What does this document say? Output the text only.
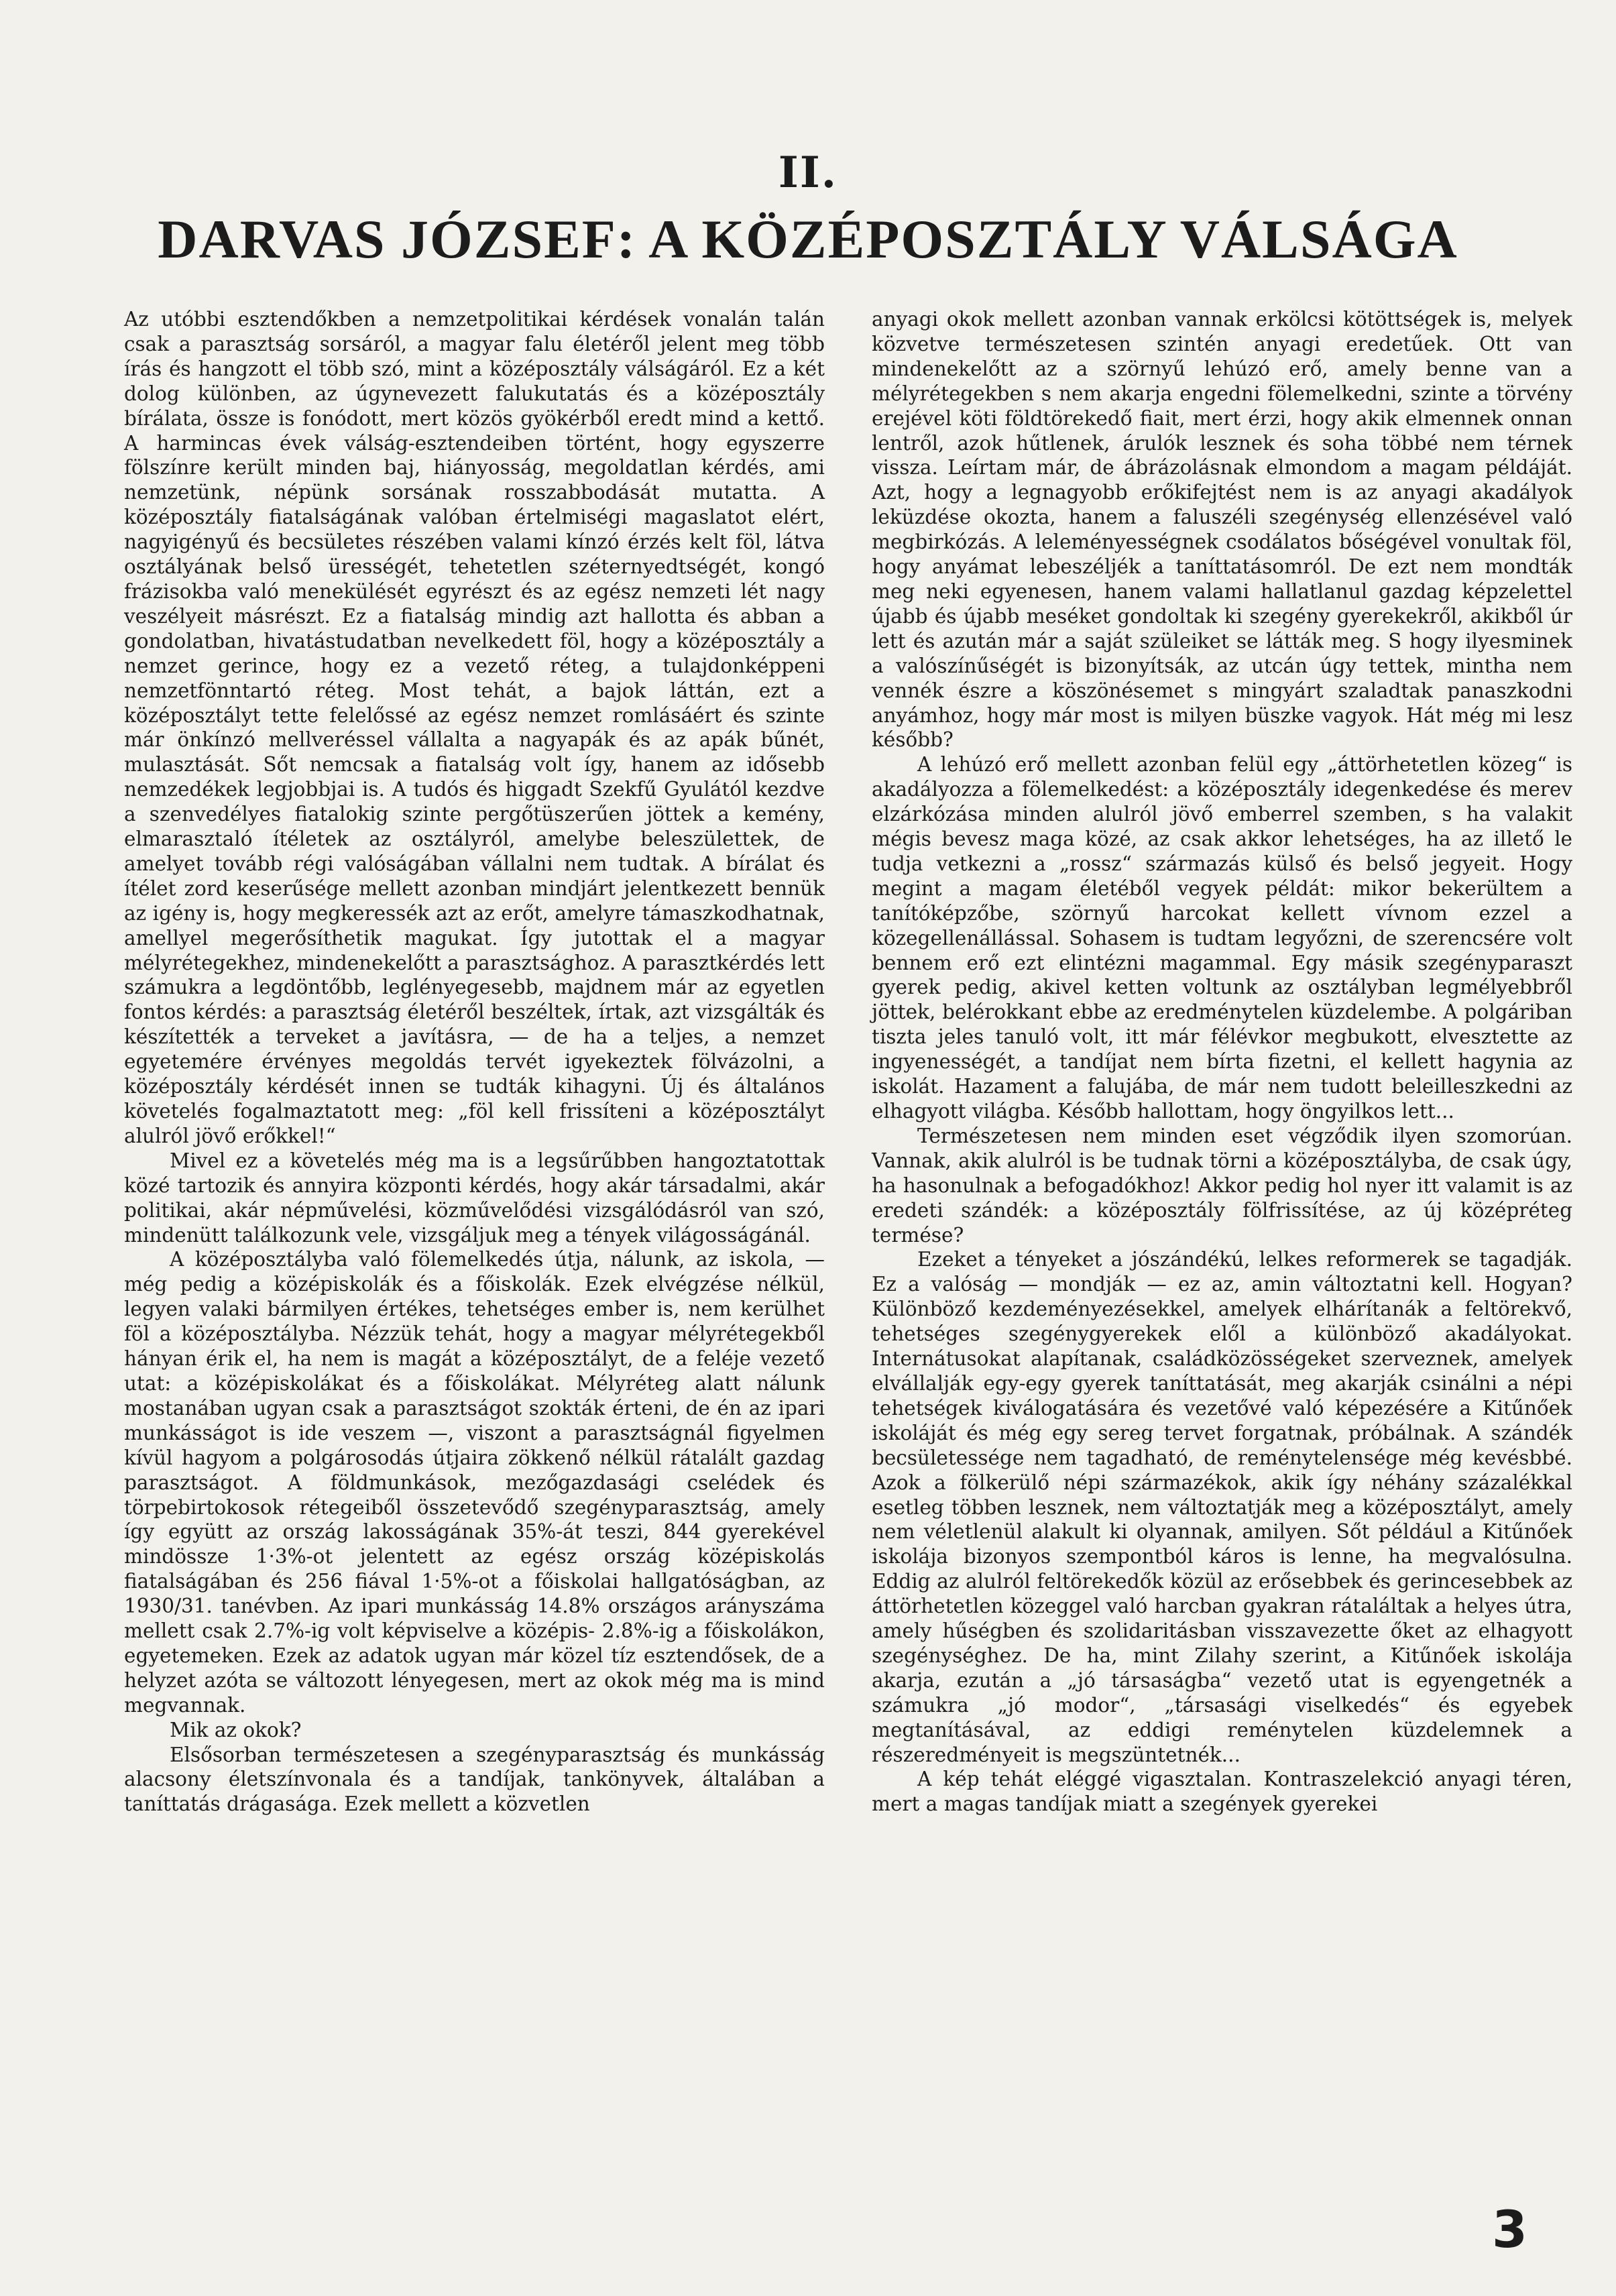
II.
DARVAS JÓZSEF: A KÖZÉPOSZTÁLY VÁLSÁGA

Az utóbbi esztendőkben a nemzetpolitikai kérdések vonalán talán csak a parasztság sorsáról, a magyar falu életéről jelent meg több írás és hangzott el több szó, mint a középosztály válságáról. Ez a két dolog különben, az úgynevezett falukutatás és a középosztály bírálata, össze is fonódott, mert közös gyökérből eredt mind a kettő. A harmincas évek válság-esztendeiben történt, hogy egyszerre fölszínre került minden baj, hiányosság, megoldatlan kérdés, ami nemzetünk, népünk sorsának rosszabbodását mutatta. A középosztály fiatalságának valóban értelmiségi magaslatot elért, nagyigényű és becsületes részében valami kínzó érzés kelt föl, látva osztályának belső ürességét, tehetetlen széternyedtségét, kongó frázisokba való menekülését egyrészt és az egész nemzeti lét nagy veszélyeit másrészt. Ez a fiatalság mindig azt hallotta és abban a gondolatban, hivatástudatban nevelkedett föl, hogy a középosztály a nemzet gerince, hogy ez a vezető réteg, a tulajdonképpeni nemzetfönntartó réteg. Most tehát, a bajok láttán, ezt a középosztályt tette felelőssé az egész nemzet romlásáért és szinte már önkínzó mellveréssel vállalta a nagyapák és az apák bűnét, mulasztását. Sőt nemcsak a fiatalság volt így, hanem az idősebb nemzedékek legjobbjai is. A tudós és higgadt Szekfű Gyulától kezdve a szenvedélyes fiatalokig szinte pergőtüszerűen jöttek a kemény, elmarasztaló ítéletek az osztályról, amelybe beleszülettek, de amelyet tovább régi valóságában vállalni nem tudtak. A bírálat és ítélet zord keserűsége mellett azonban mindjárt jelentkezett bennük az igény is, hogy megkeressék azt az erőt, amelyre támaszkodhatnak, amellyel megerősíthetik magukat. Így jutottak el a magyar mélyrétegekhez, mindenekelőtt a parasztsághoz. A parasztkérdés lett számukra a legdöntőbb, leglényegesebb, majdnem már az egyetlen fontos kérdés: a parasztság életéről beszéltek, írtak, azt vizsgálták és készítették a terveket a javításra, — de ha a teljes, a nemzet egyetemére érvényes megoldás tervét igyekeztek fölvázolni, a középosztály kérdését innen se tudták kihagyni. Új és általános követelés fogalmaztatott meg: „föl kell frissíteni a középosztályt alulról jövő erőkkel!“

Mivel ez a követelés még ma is a legsűrűbben hangoztatottak közé tartozik és annyira központi kérdés, hogy akár társadalmi, akár politikai, akár népművelési, közművelődési vizsgálódásról van szó, mindenütt találkozunk vele, vizsgáljuk meg a tények világosságánál.

A középosztályba való fölemelkedés útja, nálunk, az iskola, — még pedig a középiskolák és a főiskolák. Ezek elvégzése nélkül, legyen valaki bármilyen értékes, tehetséges ember is, nem kerülhet föl a középosztályba. Nézzük tehát, hogy a magyar mélyrétegekből hányan érik el, ha nem is magát a középosztályt, de a feléje vezető utat: a középiskolákat és a főiskolákat. Mélyréteg alatt nálunk mostanában ugyan csak a parasztságot szokták érteni, de én az ipari munkásságot is ide veszem —, viszont a parasztságnál figyelmen kívül hagyom a polgárosodás útjaira zökkenő nélkül rátalált gazdag parasztságot. A földmunkások, mezőgazdasági cselédek és törpebirtokosok rétegeiből összetevődő szegényparasztság, amely így együtt az ország lakosságának 35%-át teszi, 844 gyerekével mindössze 1·3%-ot jelentett az egész ország középiskolás fiatalságában és 256 fiával 1·5%-ot a főiskolai hallgatóságban, az 1930/31. tanévben. Az ipari munkásság 14.8% országos arányszáma mellett csak 2.7%-ig volt képviselve a középis- 2.8%-ig a főiskolákon, egyetemeken. Ezek az adatok ugyan már közel tíz esztendősek, de a helyzet azóta se változott lényegesen, mert az okok még ma is mind megvannak.

Mik az okok?

Elsősorban természetesen a szegényparasztság és munkásság alacsony életszínvonala és a tandíjak, tankönyvek, általában a taníttatás drágasága. Ezek mellett a közvetlen

anyagi okok mellett azonban vannak erkölcsi kötöttségek is, melyek közvetve természetesen szintén anyagi eredetűek. Ott van mindenekelőtt az a szörnyű lehúzó erő, amely benne van a mélyrétegekben s nem akarja engedni fölemelkedni, szinte a törvény erejével köti földtörekedő fiait, mert érzi, hogy akik elmennek onnan lentről, azok hűtlenek, árulók lesznek és soha többé nem térnek vissza. Leírtam már, de ábrázolásnak elmondom a magam példáját. Azt, hogy a legnagyobb erőkifejtést nem is az anyagi akadályok leküzdése okozta, hanem a faluszéli szegénység ellenzésével való megbirkózás. A leleményességnek csodálatos bőségével vonultak föl, hogy anyámat lebeszéljék a taníttatásomról. De ezt nem mondták meg neki egyenesen, hanem valami hallatlanul gazdag képzelettel újabb és újabb meséket gondoltak ki szegény gyerekekről, akikből úr lett és azután már a saját szüleiket se látták meg. S hogy ilyesminek a valószínűségét is bizonyítsák, az utcán úgy tettek, mintha nem vennék észre a köszönésemet s mingyárt szaladtak panaszkodni anyámhoz, hogy már most is milyen büszke vagyok. Hát még mi lesz később?

A lehúzó erő mellett azonban felül egy „áttörhetetlen közeg“ is akadályozza a fölemelkedést: a középosztály idegenkedése és merev elzárkózása minden alulról jövő emberrel szemben, s ha valakit mégis bevesz maga közé, az csak akkor lehetséges, ha az illető le tudja vetkezni a „rossz“ származás külső és belső jegyeit. Hogy megint a magam életéből vegyek példát: mikor bekerültem a tanítóképzőbe, szörnyű harcokat kellett vívnom ezzel a közegellenállással. Sohasem is tudtam legyőzni, de szerencsére volt bennem erő ezt elintézni magammal. Egy másik szegényparaszt gyerek pedig, akivel ketten voltunk az osztályban legmélyebbről jöttek, belérokkant ebbe az eredménytelen küzdelembe. A polgáriban tiszta jeles tanuló volt, itt már félévkor megbukott, elvesztette az ingyenességét, a tandíjat nem bírta fizetni, el kellett hagynia az iskolát. Hazament a falujába, de már nem tudott beleilleszkedni az elhagyott világba. Később hallottam, hogy öngyilkos lett...

Természetesen nem minden eset végződik ilyen szomorúan. Vannak, akik alulról is be tudnak törni a középosztályba, de csak úgy, ha hasonulnak a befogadókhoz! Akkor pedig hol nyer itt valamit is az eredeti szándék: a középosztály fölfrissítése, az új középréteg termése?

Ezeket a tényeket a jószándékú, lelkes reformerek se tagadják. Ez a valóság — mondják — ez az, amin változtatni kell. Hogyan? Különböző kezdeményezésekkel, amelyek elhárítanák a feltörekvő, tehetséges szegénygyerekek elől a különböző akadályokat. Internátusokat alapítanak, családközösségeket szerveznek, amelyek elvállalják egy-egy gyerek taníttatását, meg akarják csinálni a népi tehetségek kiválogatására és vezetővé való képezésére a Kitűnőek iskoláját és még egy sereg tervet forgatnak, próbálnak. A szándék becsületessége nem tagadható, de reménytelensége még kevésbbé. Azok a fölkerülő népi származékok, akik így néhány százalékkal esetleg többen lesznek, nem változtatják meg a középosztályt, amely nem véletlenül alakult ki olyannak, amilyen. Sőt például a Kitűnőek iskolája bizonyos szempontból káros is lenne, ha megvalósulna. Eddig az alulról feltörekedők közül az erősebbek és gerincesebbek az áttörhetetlen közeggel való harcban gyakran rátaláltak a helyes útra, amely hűségben és szolidaritásban visszavezette őket az elhagyott szegénységhez. De ha, mint Zilahy szerint, a Kitűnőek iskolája akarja, ezután a „jó társaságba“ vezető utat is egyengetnék a számukra „jó modor“, „társasági viselkedés“ és egyebek megtanításával, az eddigi reménytelen küzdelemnek a részeredményeit is megszüntetnék...

A kép tehát eléggé vigasztalan. Kontraszelekció anyagi téren, mert a magas tandíjak miatt a szegények gyerekei

3
